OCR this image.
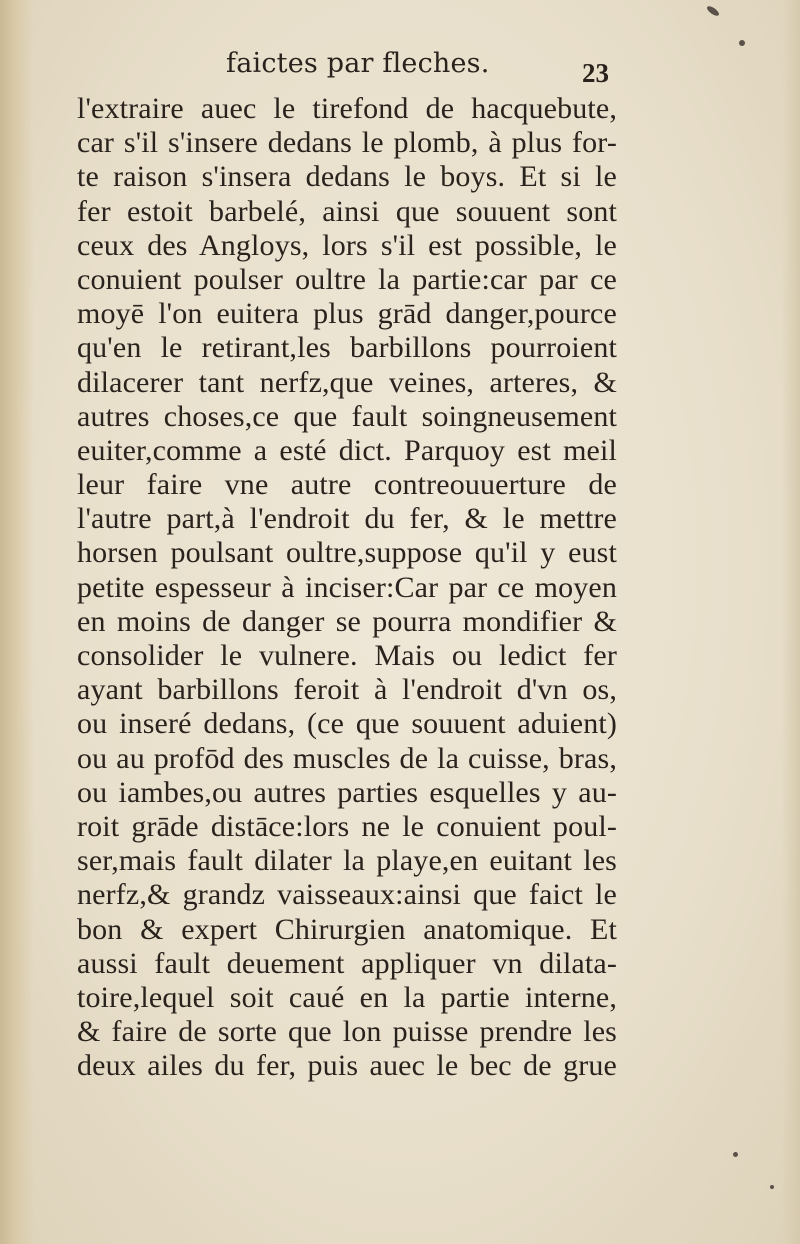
faictes par fleches.	23
l'extraire auec le tirefond de hacquebute,
car s'il s'insere dedans le plomb, à plus for-
te raison s'insera dedans le boys. Et si le
fer estoit barbelé, ainsi que souuent sont
ceux des Angloys, lors s'il est possible, le
conuient poulser oultre la partie:car par ce
moyē l'on euitera plus grād danger,pource
qu'en le retirant,les barbillons pourroient
dilacerer tant nerfz,que veines, arteres, &
autres choses,ce que fault soingneusement
euiter,comme a esté dict. Parquoy est meil
leur faire vne autre contreouuerture de
l'autre part,à l'endroit du fer, & le mettre
horsen poulsant oultre,suppose qu'il y eust
petite espesseur à inciser:Car par ce moyen
en moins de danger se pourra mondifier &
consolider le vulnere. Mais ou ledict fer
ayant barbillons feroit à l'endroit d'vn os,
ou inseré dedans, (ce que souuent aduient)
ou au profōd des muscles de la cuisse, bras,
ou iambes,ou autres parties esquelles y au-
roit grāde distāce:lors ne le conuient poul-
ser,mais fault dilater la playe,en euitant les
nerfz,& grandz vaisseaux:ainsi que faict le
bon & expert Chirurgien anatomique. Et
aussi fault deuement appliquer vn dilata-
toire,lequel soit caué en la partie interne,
& faire de sorte que lon puisse prendre les
deux ailes du fer, puis auec le bec de grue
